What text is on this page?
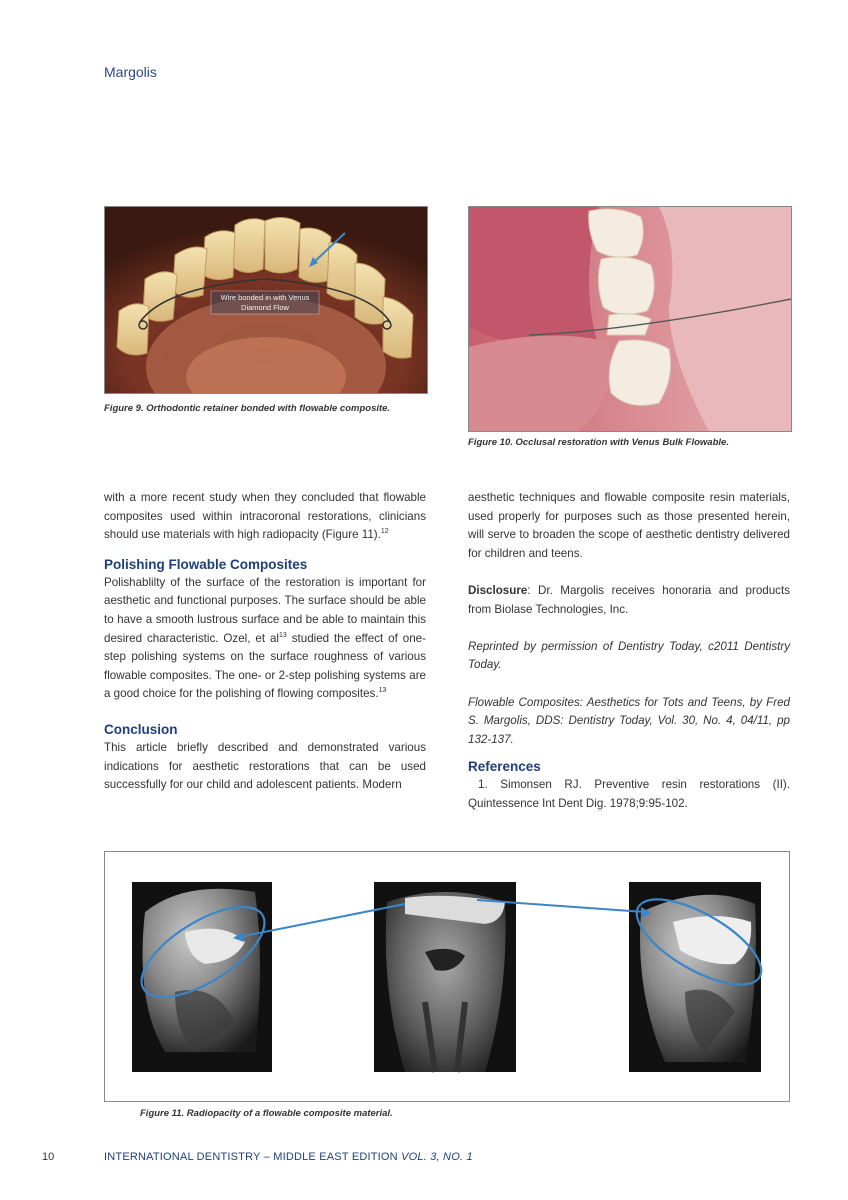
Margolis
Wire bonded in with Venus
Diamond Flow
Figure 9. Orthodontic retainer bonded with flowable composite.
Figure 10. Occlusal restoration with Venus Bulk Flowable.

with a more recent study when they concluded that flowable composites used within intracoronal restorations, clinicians should use materials with high radiopacity (Figure 11).$^{12}$

Polishing Flowable Composites

Polishablilty of the surface of the restoration is important for aesthetic and functional purposes. The surface should be able to have a smooth lustrous surface and be able to maintain this desired characteristic. Ozel, et $al^{13}$ studied the effect of one-step polishing systems on the surface roughness of various flowable composites. The one- or 2-step polishing systems are a good choice for the polishing of flowing composites.$^{13}$

Conclusion

This article briefly described and demonstrated various indications for aesthetic restorations that can be used successfully for our child and adolescent patients. Modern

aesthetic techniques and flowable composite resin materials, used properly for purposes such as those presented herein, will serve to broaden the scope of aesthetic dentistry delivered for children and teens.

Disclosure: Dr. Margolis receives honoraria and products from Biolase Technologies, Inc.

Reprinted by permission of Dentistry Today, c2011 Dentistry Today.

Flowable Composites: Aesthetics for Tots and Teens, by Fred S. Margolis, DDS: Dentistry Today, Vol. 30, No. 4, 04/11, pp 132-137.

References

1. Simonsen RJ. Preventive resin restorations (II). Quintessence Int Dent Dig. 1978;9:95-102.

Figure 11. Radiopacity of a flowable composite material.
10	INTERNATIONAL DENTISTRY – MIDDLE EAST EDITION VOL. 3, NO. 1
